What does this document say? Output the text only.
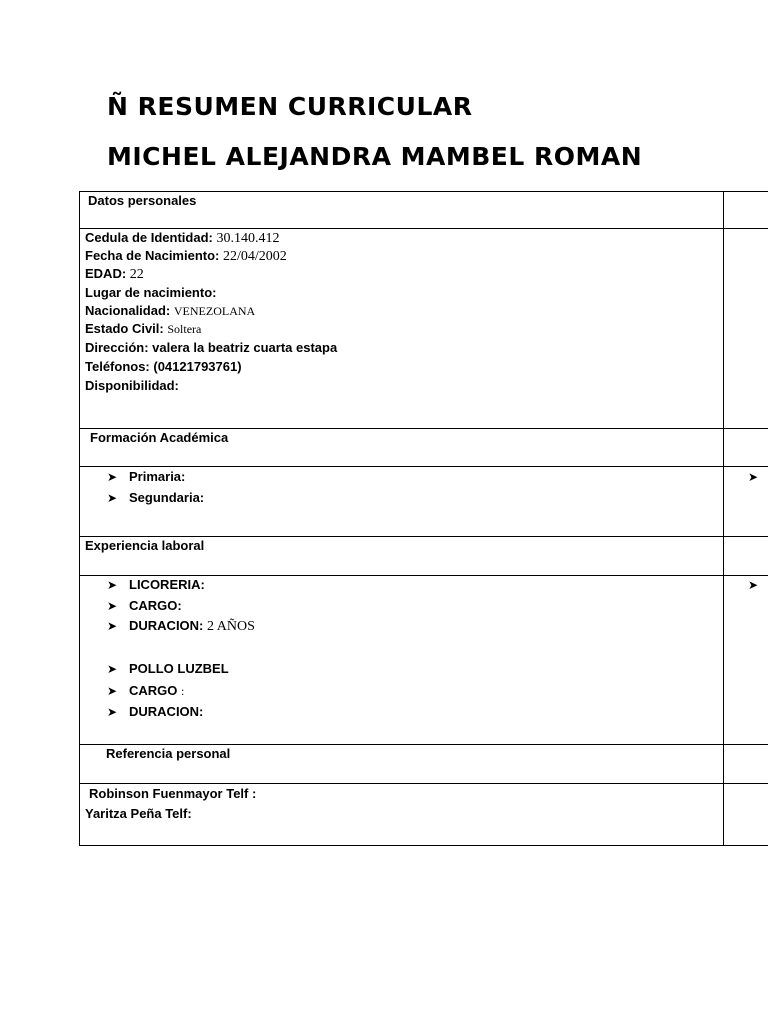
Ñ RESUMEN CURRICULAR
MICHEL ALEJANDRA MAMBEL ROMAN
Datos personales
Cedula de Identidad: 30.140.412
Fecha de Nacimiento: 22/04/2002
EDAD: 22
Lugar de nacimiento:
Nacionalidad: VENEZOLANA
Estado Civil: Soltera
Dirección: valera la beatriz cuarta estapa
Teléfonos: (04121793761)
Disponibilidad:
Formación Académica
➤ Primaria:
➤ Segundaria:
Experiencia laboral
➤ LICORERIA:
➤ CARGO:
➤ DURACION: 2 AÑOS
➤ POLLO LUZBEL
➤ CARGO :
➤ DURACION:
Referencia personal
Robinson Fuenmayor Telf :
Yaritza Peña Telf:
➤
➤
